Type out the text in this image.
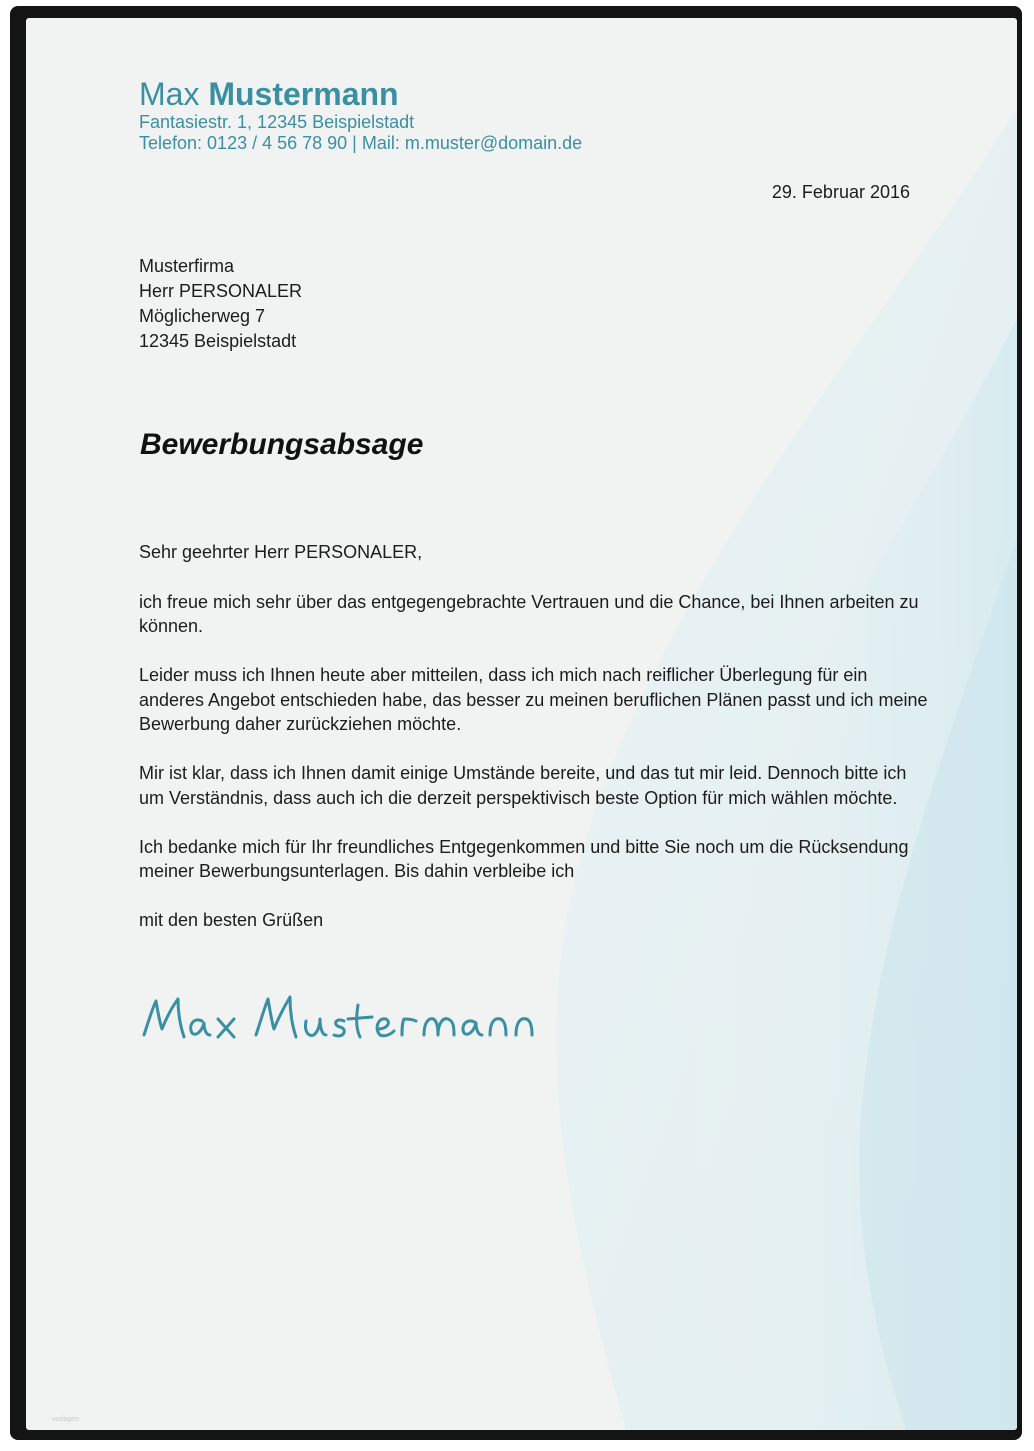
Max Mustermann
Fantasiestr. 1, 12345 Beispielstadt
Telefon: 0123 / 4 56 78 90 | Mail: m.muster@domain.de
29. Februar 2016
Musterfirma
Herr PERSONALER
Möglicherweg 7
12345 Beispielstadt
Bewerbungsabsage

Sehr geehrter Herr PERSONALER,

ich freue mich sehr über das entgegengebrachte Vertrauen und die Chance, bei Ihnen arbeiten zu können.

Leider muss ich Ihnen heute aber mitteilen, dass ich mich nach reiflicher Überlegung für ein anderes Angebot entschieden habe, das besser zu meinen beruflichen Plänen passt und ich meine Bewerbung daher zurückziehen möchte.

Mir ist klar, dass ich Ihnen damit einige Umstände bereite, und das tut mir leid. Dennoch bitte ich um Verständnis, dass auch ich die derzeit perspektivisch beste Option für mich wählen möchte.

Ich bedanke mich für Ihr freundliches Entgegenkommen und bitte Sie noch um die Rücksendung meiner Bewerbungsunterlagen. Bis dahin verbleibe ich

mit den besten Grüßen

vorlagen
